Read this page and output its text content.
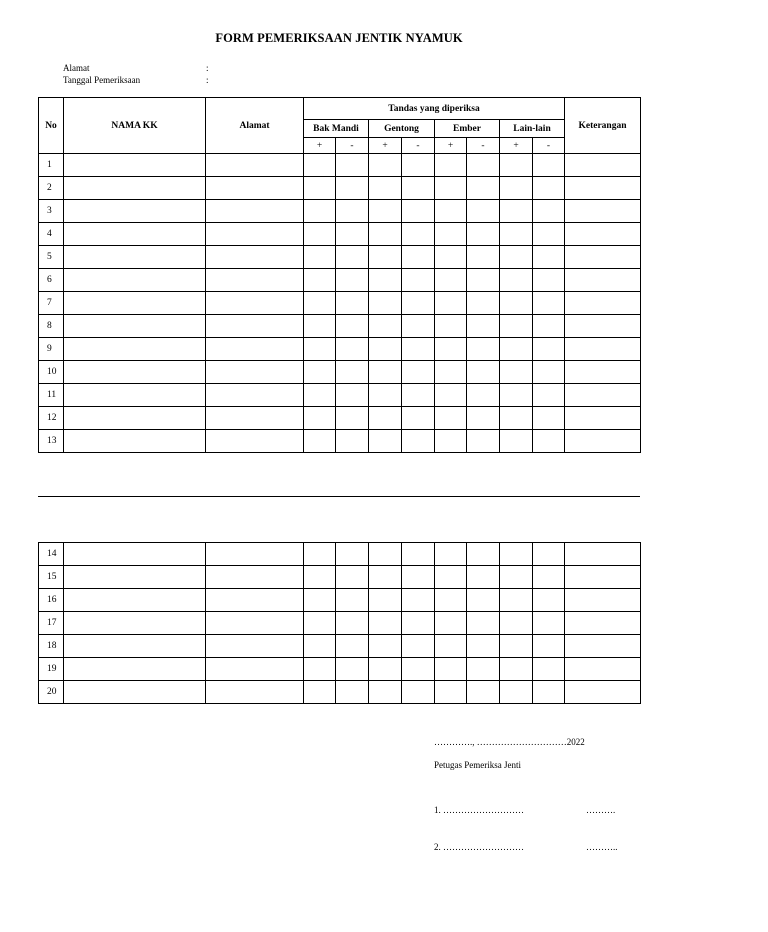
FORM PEMERIKSAAN JENTIK NYAMUK
Alamat	:
Tanggal Pemeriksaan	:
No	NAMA KK	Alamat	Tandas yang diperiksa								Keterangan
			Bak Mandi		Gentong		Ember		Lain-lain		
			+	-	+	-	+	-	+	-	
1											
2											
3											
4											
5											
6											
7											
8											
9											
10											
11											
12											
13											
14											
15											
16											
17											
18											
19											
20											
…………., …………………………2022
Petugas Pemeriksa Jenti
1. ………………………	……….
2. ………………………	………..
